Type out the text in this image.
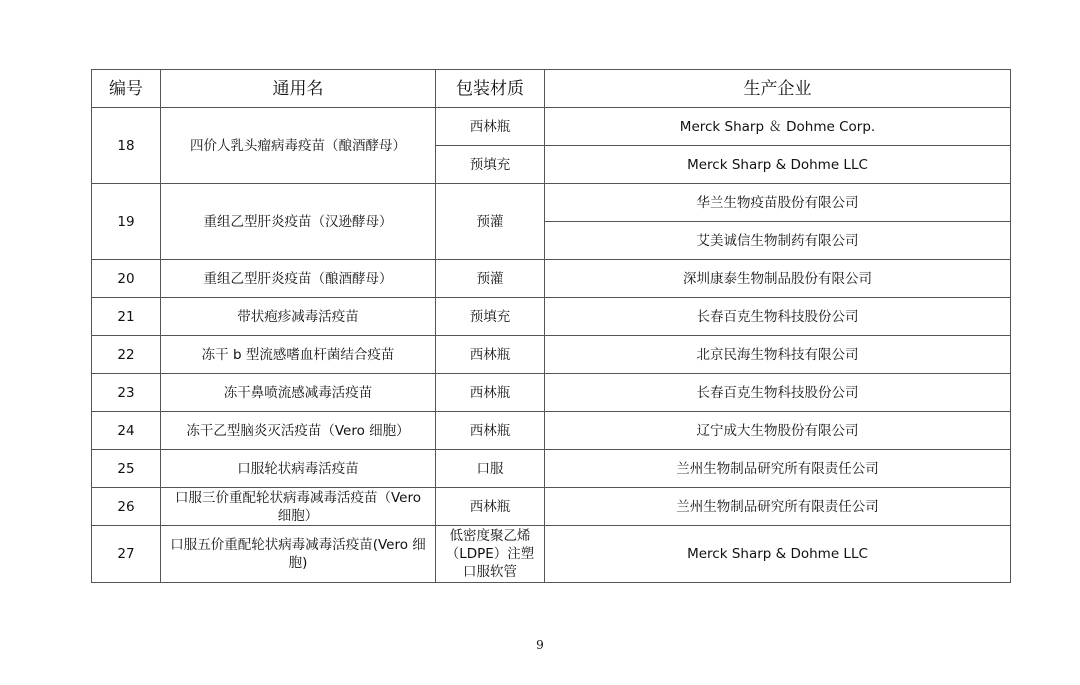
编号	通用名	包装材质	生产企业
18	四价人乳头瘤病毒疫苗（酿酒酵母）	西林瓶	Merck Sharp ＆ Dohme Corp.
		预填充	Merck Sharp & Dohme LLC
19	重组乙型肝炎疫苗（汉逊酵母）	预灌	华兰生物疫苗股份有限公司
			艾美诚信生物制药有限公司
20	重组乙型肝炎疫苗（酿酒酵母）	预灌	深圳康泰生物制品股份有限公司
21	带状疱疹减毒活疫苗	预填充	长春百克生物科技股份公司
22	冻干 b 型流感嗜血杆菌结合疫苗	西林瓶	北京民海生物科技有限公司
23	冻干鼻喷流感减毒活疫苗	西林瓶	长春百克生物科技股份公司
24	冻干乙型脑炎灭活疫苗（Vero 细胞）	西林瓶	辽宁成大生物股份有限公司
25	口服轮状病毒活疫苗	口服	兰州生物制品研究所有限责任公司
26	口服三价重配轮状病毒减毒活疫苗（Vero 细胞）	西林瓶	兰州生物制品研究所有限责任公司
27	口服五价重配轮状病毒减毒活疫苗(Vero 细胞)	低密度聚乙烯（LDPE）注塑口服软管	Merck Sharp & Dohme LLC
9
